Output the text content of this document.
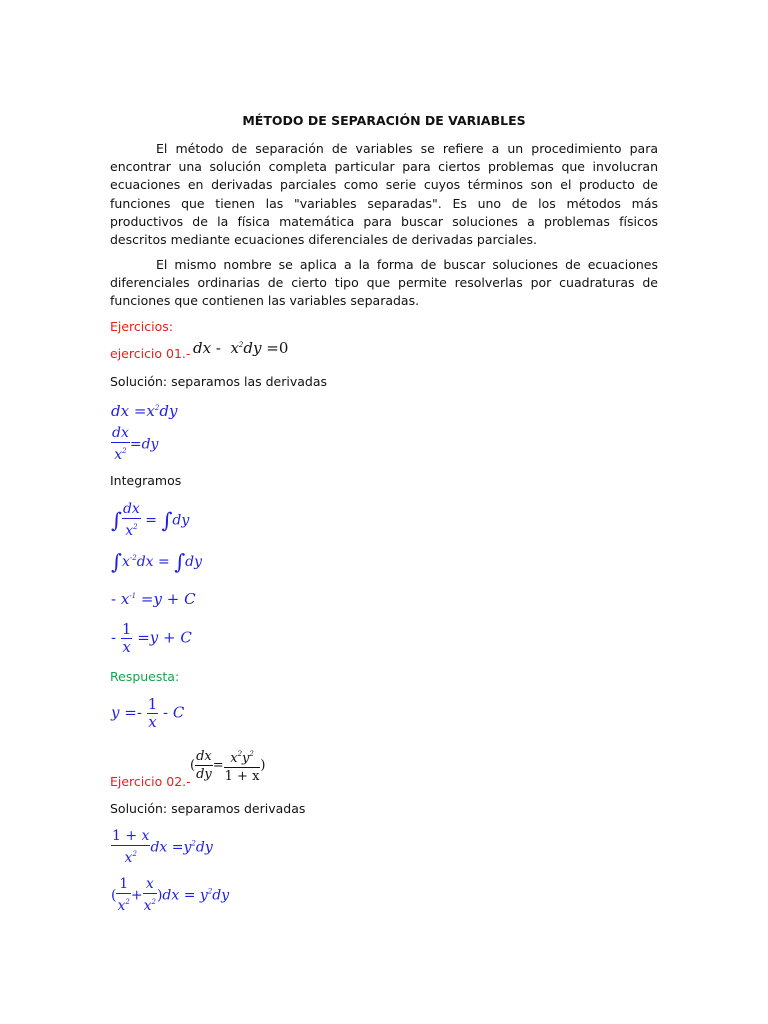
MÉTODO DE SEPARACIÓN DE VARIABLES

El método de separación de variables se refiere a un procedimiento para encontrar una solución completa particular para ciertos problemas que involucran ecuaciones en derivadas parciales como serie cuyos términos son el producto de funciones que tienen las "variables separadas". Es uno de los métodos más productivos de la física matemática para buscar soluciones a problemas físicos descritos mediante ecuaciones diferenciales de derivadas parciales.

El mismo nombre se aplica a la forma de buscar soluciones de ecuaciones diferenciales ordinarias de cierto tipo que permite resolverlas por cuadraturas de funciones que contienen las variables separadas.

Ejercicios:
ejercicio 01.- dx -  $x^2dy =0$
Solución: separamos las derivadas
dx $=x^2dy$
$\frac{dx}{x^2} =dy$
Integramos
∫ $\frac{dx}{x^2} = \int dy$
$\int x^{-2}dx = \int dy$
- $x^{-1} =y + C$
- $\frac{1}{x} =y + C$
Respuesta:
$y =- \frac{1}{x} - C$
( $\frac{dx}{dy} = \frac{x^2y^2}{1 + x}$ )
Ejercicio 02.-
Solución: separamos derivadas
$\frac{1 + x}{x^2}$ dx $=y^2dy$
( $\frac{1}{x^2} + \frac{x}{x^2} )dx = y^2dy$
